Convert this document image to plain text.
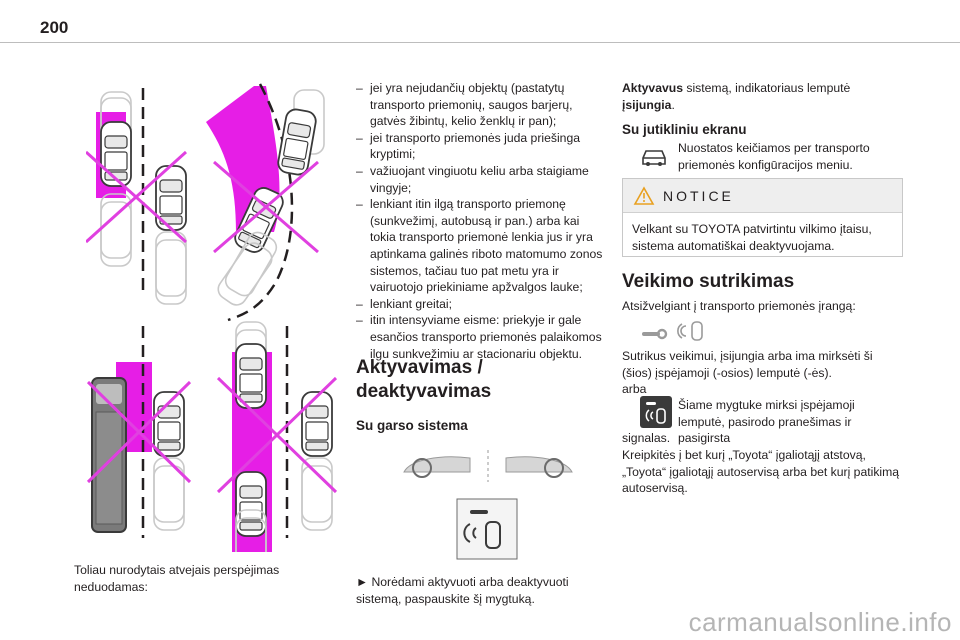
200

Toliau nurodytais atvejais perspėjimas neduodamas:

– jei yra nejudančių objektų (pastatytų transporto priemonių, saugos barjerų, gatvės žibintų, kelio ženklų ir pan);
– jei transporto priemonės juda priešinga kryptimi;
– važiuojant vingiuotu keliu arba staigiame vingyje;
– lenkiant itin ilgą transporto priemonę (sunkvežimį, autobusą ir pan.) arba kai tokia transporto priemonė lenkia jus ir yra aptinkama galinės riboto matomumo zonos sistemos, tačiau tuo pat metu yra ir vairuotojo priekiniame apžvalgos lauke;
– lenkiant greitai;
– itin intensyviame eisme: priekyje ir gale esančios transporto priemonės palaikomos ilgu sunkvežimiu ar stacionariu objektu.
Aktyvavimas / deaktyvavimas
Su garso sistema
► Norėdami aktyvuoti arba deaktyvuoti sistemą, paspauskite šį mygtuką.
Aktyvavus sistemą, indikatoriaus lemputė įsijungia.
Su jutikliniu ekranu
Nuostatos keičiamos per transporto priemonės konfigūracijos meniu.
NOTICE
Velkant su TOYOTA patvirtintu vilkimo įtaisu, sistema automatiškai deaktyvuojama.
Veikimo sutrikimas
Atsižvelgiant į transporto priemonės įrangą:
Sutrikus veikimui, įsijungia arba ima mirksėti ši (šios) įspėjamoji (-osios) lemputė (-ės).
arba
Šiame mygtuke mirksi įspėjamoji lemputė, pasirodo pranešimas ir pasigirsta
signalas.
Kreipkitės į bet kurį „Toyota“ įgaliotąjį atstovą, „Toyota“ įgaliotąjį autoservisą arba bet kurį patikimą autoservisą.
carmanualsonline.info
